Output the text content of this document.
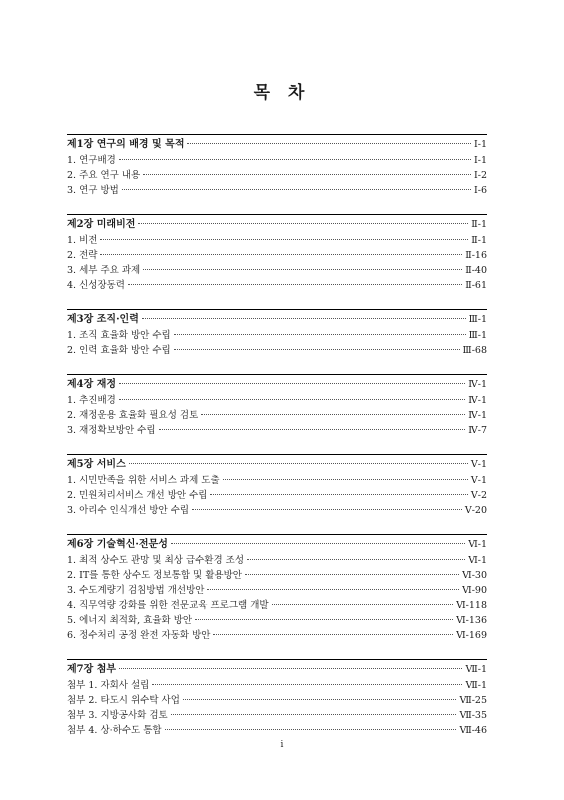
목 차
제1장 연구의 배경 및 목적	Ⅰ-1
1. 연구배경	Ⅰ-1
2. 주요 연구 내용	Ⅰ-2
3. 연구 방법	Ⅰ-6
제2장 미래비전	Ⅱ-1
1. 비전	Ⅱ-1
2. 전략	Ⅱ-16
3. 세부 주요 과제	Ⅱ-40
4. 신성장동력	Ⅱ-61
제3장 조직·인력	Ⅲ-1
1. 조직 효율화 방안 수립	Ⅲ-1
2. 인력 효율화 방안 수립	Ⅲ-68
제4장 재정	Ⅳ-1
1. 추진배경	Ⅳ-1
2. 재정운용 효율화 필요성 검토	Ⅳ-1
3. 재정확보방안 수립	Ⅳ-7
제5장 서비스	Ⅴ-1
1. 시민만족을 위한 서비스 과제 도출	Ⅴ-1
2. 민원처리서비스 개선 방안 수립	Ⅴ-2
3. 아리수 인식개선 방안 수립	Ⅴ-20
제6장 기술혁신·전문성	Ⅵ-1
1. 최적 상수도 관망 및 최상 급수환경 조성	Ⅵ-1
2. IT를 통한 상수도 정보통합 및 활용방안	Ⅵ-30
3. 수도계량기 검침방법 개선방안	Ⅵ-90
4. 직무역량 강화를 위한 전문교육 프로그램 개발	Ⅵ-118
5. 에너지 최적화, 효율화 방안	Ⅵ-136
6. 정수처리 공정 완전 자동화 방안	Ⅵ-169
제7장 첨부	Ⅶ-1
첨부 1. 자회사 설립	Ⅶ-1
첨부 2. 타도시 위수탁 사업	Ⅶ-25
첨부 3. 지방공사화 검토	Ⅶ-35
첨부 4. 상·하수도 통합	Ⅶ-46
i
